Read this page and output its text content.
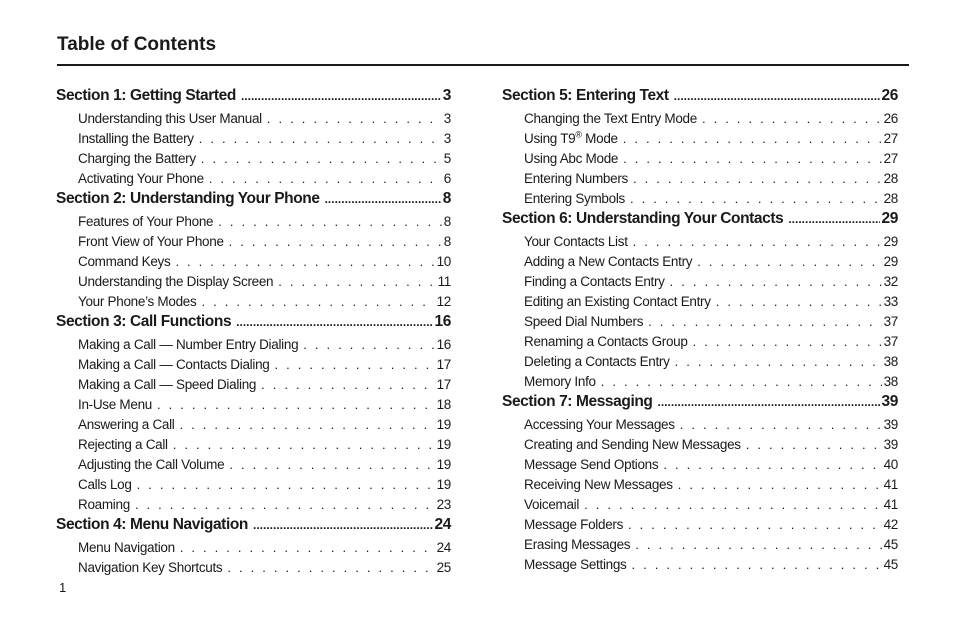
Table of Contents
Section 1: Getting Started .....	3
Understanding this User Manual . . .	3
Installing the Battery . . .	3
Charging the Battery . . .	5
Activating Your Phone . . .	6
Section 2: Understanding Your Phone .....	8
Features of Your Phone . . .	8
Front View of Your Phone . . .	8
Command Keys . . .	10
Understanding the Display Screen . . .	11
Your Phone’s Modes . . .	12
Section 3: Call Functions .....	16
Making a Call — Number Entry Dialing . . .	16
Making a Call — Contacts Dialing . . .	17
Making a Call — Speed Dialing . . .	17
In-Use Menu . . .	18
Answering a Call . . .	19
Rejecting a Call . . .	19
Adjusting the Call Volume . . .	19
Calls Log . . .	19
Roaming . . .	23
Section 4: Menu Navigation .....	24
Menu Navigation . . .	24
Navigation Key Shortcuts . . .	25
Section 5: Entering Text .....	26
Changing the Text Entry Mode . . .	26
Using T9® Mode . . .	27
Using Abc Mode . . .	27
Entering Numbers . . .	28
Entering Symbols . . .	28
Section 6: Understanding Your Contacts .....	29
Your Contacts List . . .	29
Adding a New Contacts Entry . . .	29
Finding a Contacts Entry . . .	32
Editing an Existing Contact Entry . . .	33
Speed Dial Numbers . . .	37
Renaming a Contacts Group . . .	37
Deleting a Contacts Entry . . .	38
Memory Info . . .	38
Section 7: Messaging .....	39
Accessing Your Messages . . .	39
Creating and Sending New Messages . . .	39
Message Send Options . . .	40
Receiving New Messages . . .	41
Voicemail . . .	41
Message Folders . . .	42
Erasing Messages . . .	45
Message Settings . . .	45
1
